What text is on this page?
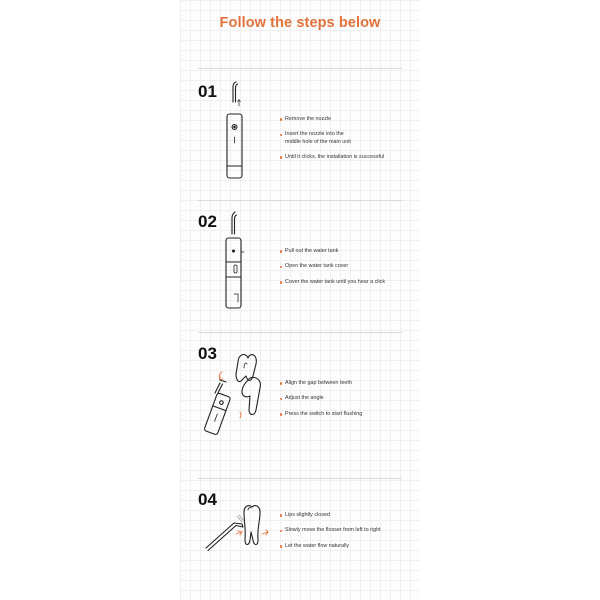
Follow the steps below
01
Remove the nozzle
Insert the nozzle into the
middle hole of the main unit
Until it clicks, the installation is successful
02
Pull out the water tank
Open the water tank cover
Cover the water tank until you hear a click
03
Align the gap between teeth
Adjust the angle
Press the switch to start flushing
04
Lips slightly closed
Slowly move the flosser from left to right
Let the water flow naturally
